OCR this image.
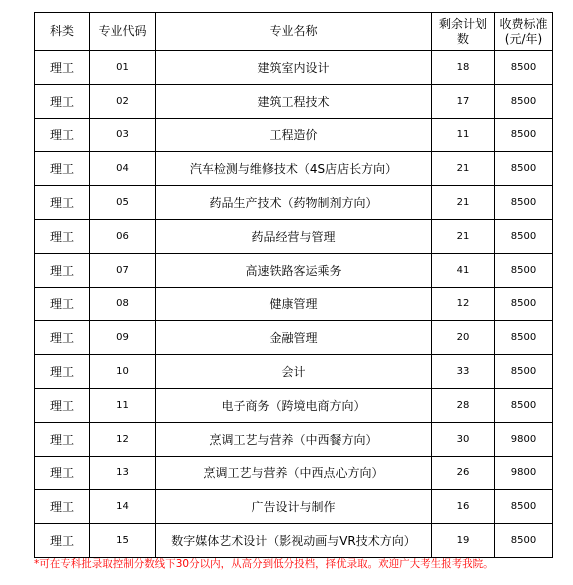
科类	专业代码	专业名称	剩余计划数	收费标准(元/年)
理工	01	建筑室内设计	18	8500
理工	02	建筑工程技术	17	8500
理工	03	工程造价	11	8500
理工	04	汽车检测与维修技术（4S店店长方向）	21	8500
理工	05	药品生产技术（药物制剂方向）	21	8500
理工	06	药品经营与管理	21	8500
理工	07	高速铁路客运乘务	41	8500
理工	08	健康管理	12	8500
理工	09	金融管理	20	8500
理工	10	会计	33	8500
理工	11	电子商务（跨境电商方向）	28	8500
理工	12	烹调工艺与营养（中西餐方向）	30	9800
理工	13	烹调工艺与营养（中西点心方向）	26	9800
理工	14	广告设计与制作	16	8500
理工	15	数字媒体艺术设计（影视动画与VR技术方向）	19	8500
*可在专科批录取控制分数线下30分以内，从高分到低分投档，择优录取。欢迎广大考生报考我院。
